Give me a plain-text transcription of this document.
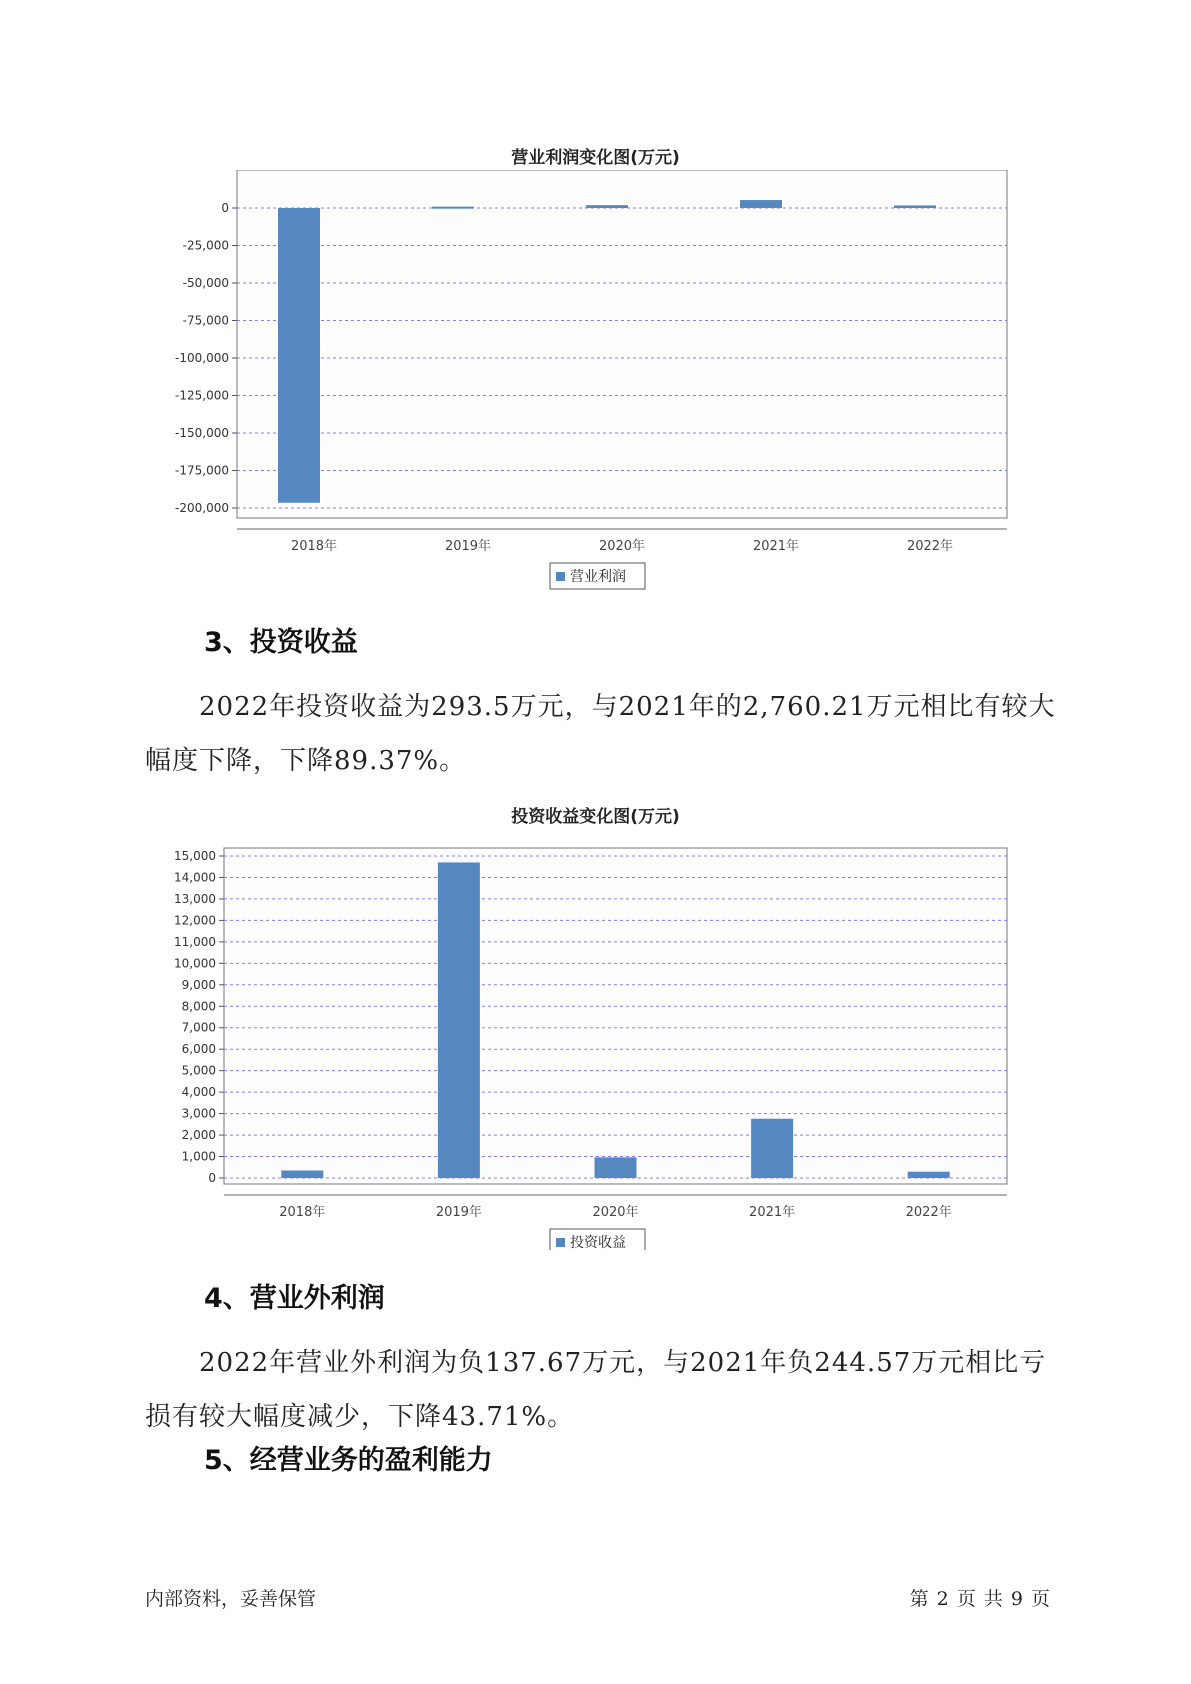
营业利润变化图(万元)
0
-25,000
-50,000
-75,000
-100,000
-125,000
-150,000
-175,000
-200,000
2018年	2019年	2020年	2021年	2022年
营业利润
3、投资收益
2022年投资收益为293.5万元，与2021年的2,760.21万元相比有较大幅度下降，下降89.37%。
投资收益变化图(万元)
0
1,000
2,000
3,000
4,000
5,000
6,000
7,000
8,000
9,000
10,000
11,000
12,000
13,000
14,000
15,000
2018年	2019年	2020年	2021年	2022年
投资收益
4、营业外利润
2022年营业外利润为负137.67万元，与2021年负244.57万元相比亏损有较大幅度减少，下降43.71%。
5、经营业务的盈利能力
内部资料，妥善保管	第 2 页 共 9 页
